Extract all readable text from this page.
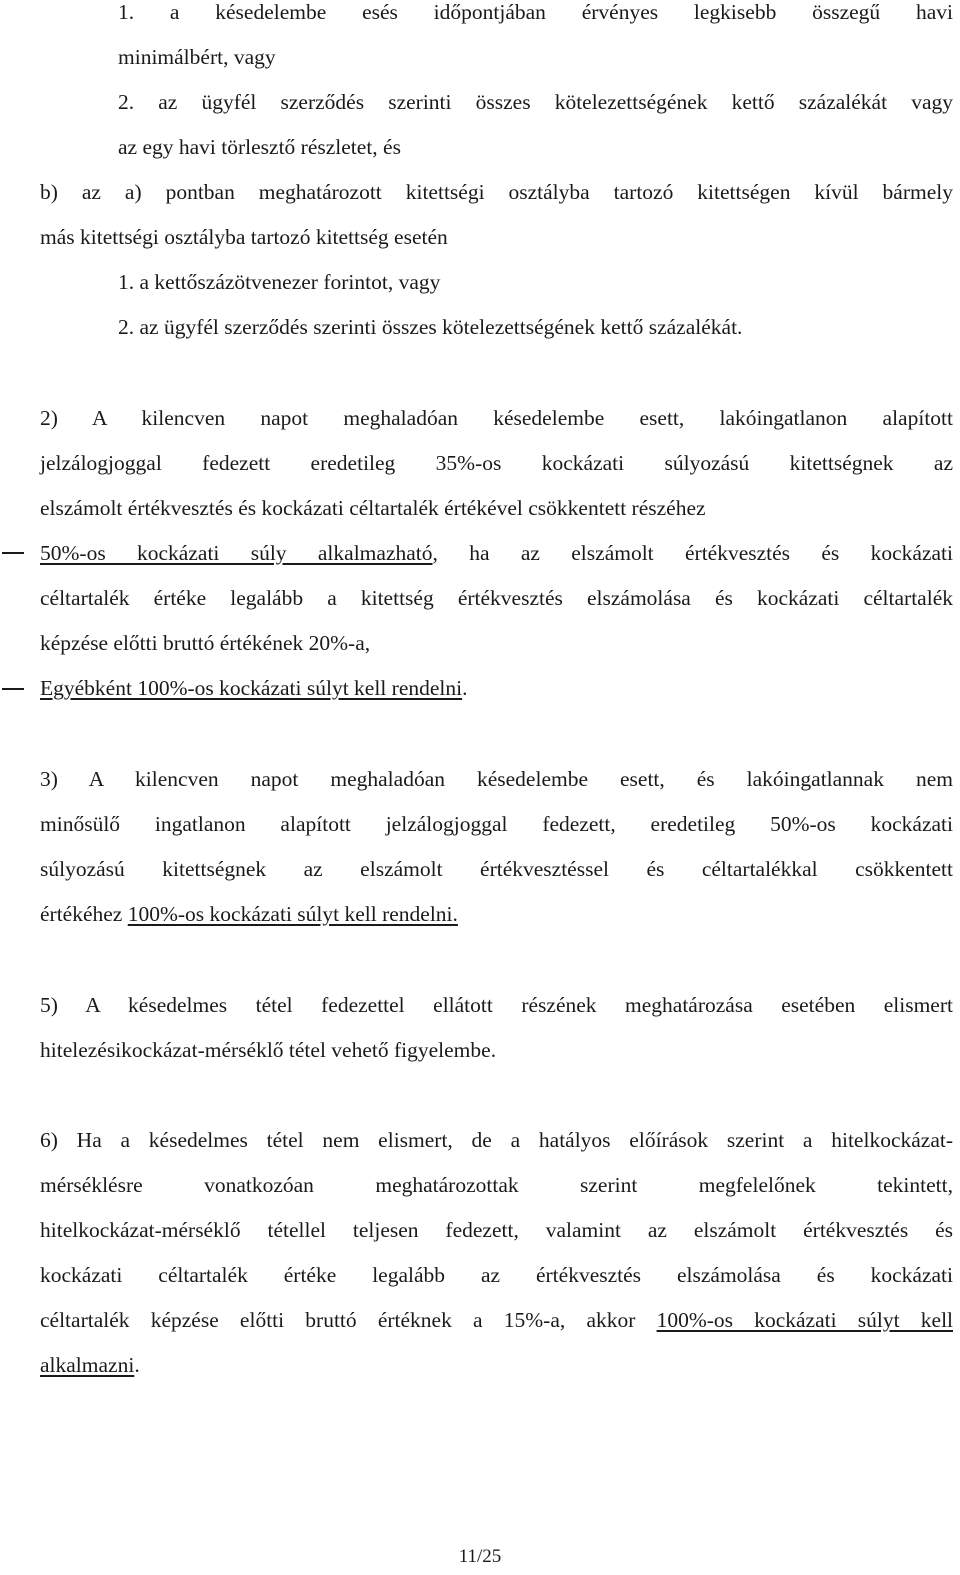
1. a késedelembe esés időpontjában érvényes legkisebb összegű havi
minimálbért, vagy
2. az ügyfél szerződés szerinti összes kötelezettségének kettő százalékát vagy
az egy havi törlesztő részletet, és
b) az a) pontban meghatározott kitettségi osztályba tartozó kitettségen kívül bármely
más kitettségi osztályba tartozó kitettség esetén
1. a kettőszázötvenezer forintot, vagy
2. az ügyfél szerződés szerinti összes kötelezettségének kettő százalékát.
2) A kilencven napot meghaladóan késedelembe esett, lakóingatlanon alapított
jelzálogjoggal fedezett eredetileg 35%-os kockázati súlyozású kitettségnek az
elszámolt értékvesztés és kockázati céltartalék értékével csökkentett részéhez
50%-os kockázati súly alkalmazható, ha az elszámolt értékvesztés és kockázati
céltartalék értéke legalább a kitettség értékvesztés elszámolása és kockázati céltartalék
képzése előtti bruttó értékének 20%-a,
Egyébként 100%-os kockázati súlyt kell rendelni.
3) A kilencven napot meghaladóan késedelembe esett, és lakóingatlannak nem
minősülő ingatlanon alapított jelzálogjoggal fedezett, eredetileg 50%-os kockázati
súlyozású kitettségnek az elszámolt értékvesztéssel és céltartalékkal csökkentett
értékéhez 100%-os kockázati súlyt kell rendelni.
5) A késedelmes tétel fedezettel ellátott részének meghatározása esetében elismert
hitelezésikockázat-mérséklő tétel vehető figyelembe.
6) Ha a késedelmes tétel nem elismert, de a hatályos előírások szerint a hitelkockázat-
mérséklésre vonatkozóan meghatározottak szerint megfelelőnek tekintett,
hitelkockázat-mérséklő tétellel teljesen fedezett, valamint az elszámolt értékvesztés és
kockázati céltartalék értéke legalább az értékvesztés elszámolása és kockázati
céltartalék képzése előtti bruttó értéknek a 15%-a, akkor 100%-os kockázati súlyt kell
alkalmazni.
11/25
